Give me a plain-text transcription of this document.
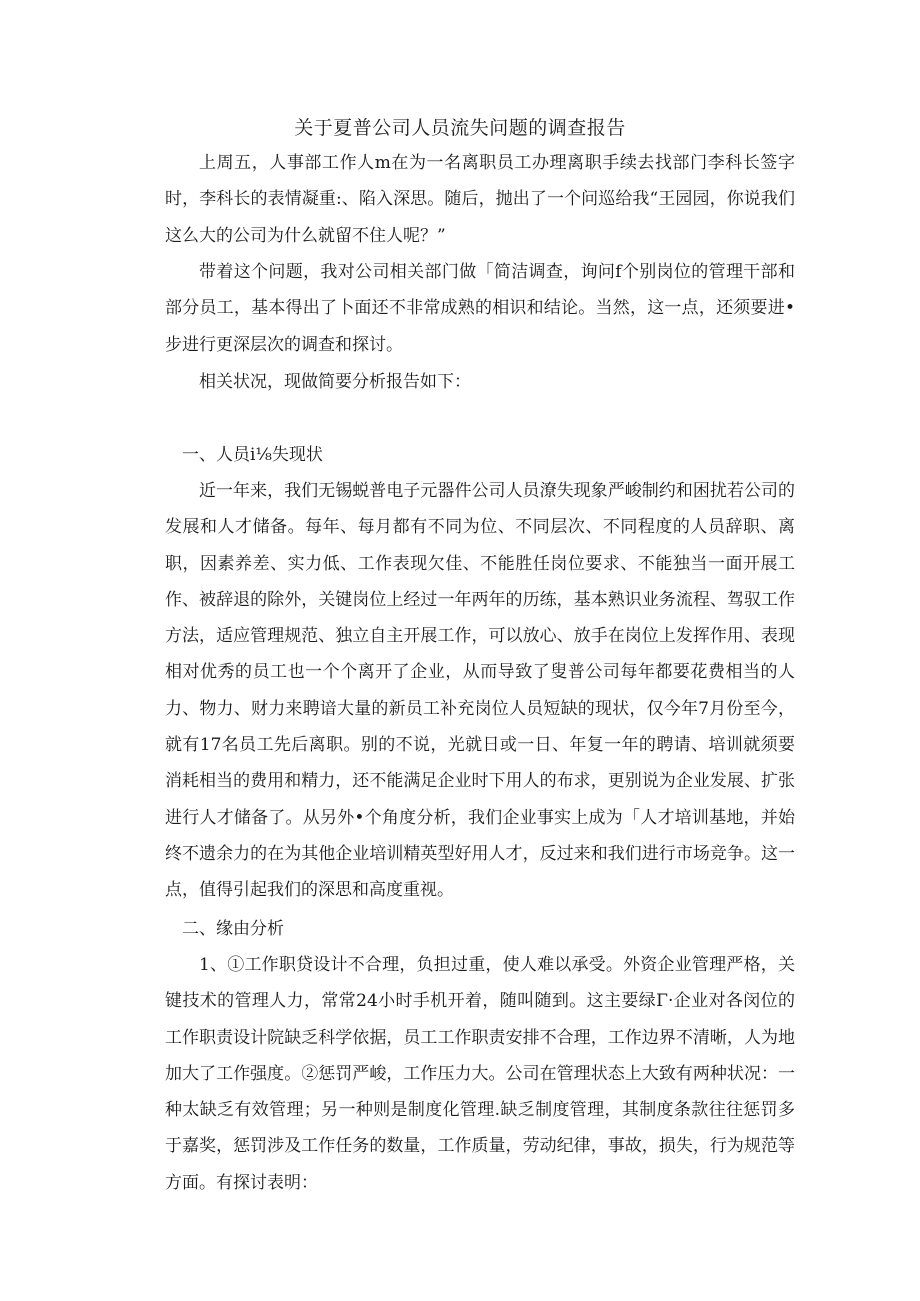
关于夏普公司人员流失问题的调查报告

上周五，人事部工作人m在为一名离职员工办理离职手续去找部门李科长签字时，李科长的表情凝重:、陷入深思。随后，抛出了一个问巡给我“王园园，你说我们这么大的公司为什么就留不住人呢？”

带着这个问题，我对公司相关部门做「简洁调查，询问f个别岗位的管理干部和部分员工，基本得出了卜面还不非常成熟的相识和结论。当然，这一点，还须要进•步进行更深层次的调查和探讨。

相关状况，现做简要分析报告如下：

一、人员i⅛失现状

近一年来，我们无锡蜕普电子元器件公司人员潦失现象严峻制约和困扰若公司的发展和人才储备。每年、每月都有不同为位、不同层次、不同程度的人员辞职、离职，因素养差、实力低、工作表现欠佳、不能胜任岗位要求、不能独当一面开展工作、被辞退的除外，关键岗位上经过一年两年的历练，基本熟识业务流程、驾驭工作方法，适应管理规范、独立自主开展工作，可以放心、放手在岗位上发挥作用、表现相对优秀的员工也一个个离开了企业，从而导致了叟普公司每年都要花费相当的人力、物力、财力来聘谙大量的新员工补充岗位人员短缺的现状，仅今年7月份至今，就有17名员工先后离职。别的不说，光就日或一日、年复一年的聘请、培训就须要消耗相当的费用和精力，还不能满足企业时下用人的布求，更别说为企业发展、扩张进行人才储备了。从另外•个角度分析，我们企业事实上成为「人才培训基地，并始终不遗余力的在为其他企业培训精英型好用人才，反过来和我们进行市场竞争。这一点，值得引起我们的深思和高度重视。

二、缘由分析

1、①工作职贷设计不合理，负担过重，使人难以承受。外资企业管理严格，关键技术的管理人力，常常24小时手机开着，随叫随到。这主要绿Γ·企业对各闵位的工作职责设计院缺乏科学依据，员工工作职责安排不合理，工作边界不清晰，人为地加大了工作强度。②惩罚严峻，工作压力大。公司在管理状态上大致有两种状况：一种太缺乏有效管理；另一种则是制度化管理.缺乏制度管理，其制度条款往往惩罚多于嘉奖，惩罚涉及工作任务的数量，工作质量，劳动纪律，事故，损失，行为规范等方面。有探讨表明：
